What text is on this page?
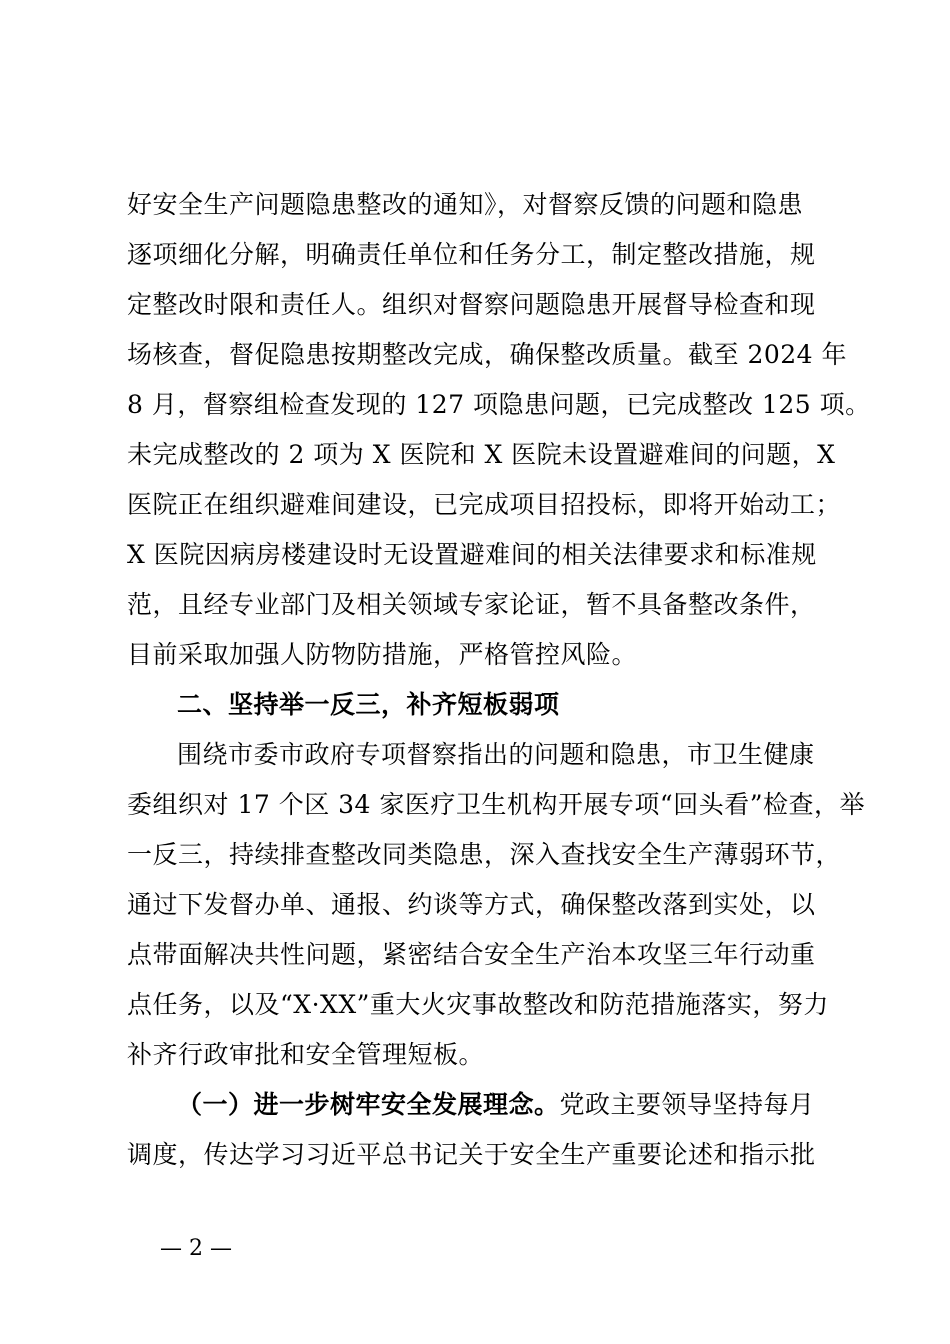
好安全生产问题隐患整改的通知》，对督察反馈的问题和隐患
逐项细化分解，明确责任单位和任务分工，制定整改措施，规
定整改时限和责任人。组织对督察问题隐患开展督导检查和现
场核查，督促隐患按期整改完成，确保整改质量。截至 2024 年
8 月，督察组检查发现的 127 项隐患问题，已完成整改 125 项。
未完成整改的 2 项为 X 医院和 X 医院未设置避难间的问题，X
医院正在组织避难间建设，已完成项目招投标，即将开始动工；
X 医院因病房楼建设时无设置避难间的相关法律要求和标准规
范，且经专业部门及相关领域专家论证，暂不具备整改条件，
目前采取加强人防物防措施，严格管控风险。
二、坚持举一反三，补齐短板弱项
围绕市委市政府专项督察指出的问题和隐患，市卫生健康
委组织对 17 个区 34 家医疗卫生机构开展专项“回头看”检查，举
一反三，持续排查整改同类隐患，深入查找安全生产薄弱环节，
通过下发督办单、通报、约谈等方式，确保整改落到实处，以
点带面解决共性问题，紧密结合安全生产治本攻坚三年行动重
点任务，以及“X·XX”重大火灾事故整改和防范措施落实，努力
补齐行政审批和安全管理短板。
（一）进一步树牢安全发展理念。党政主要领导坚持每月
调度，传达学习习近平总书记关于安全生产重要论述和指示批
— 2 —
